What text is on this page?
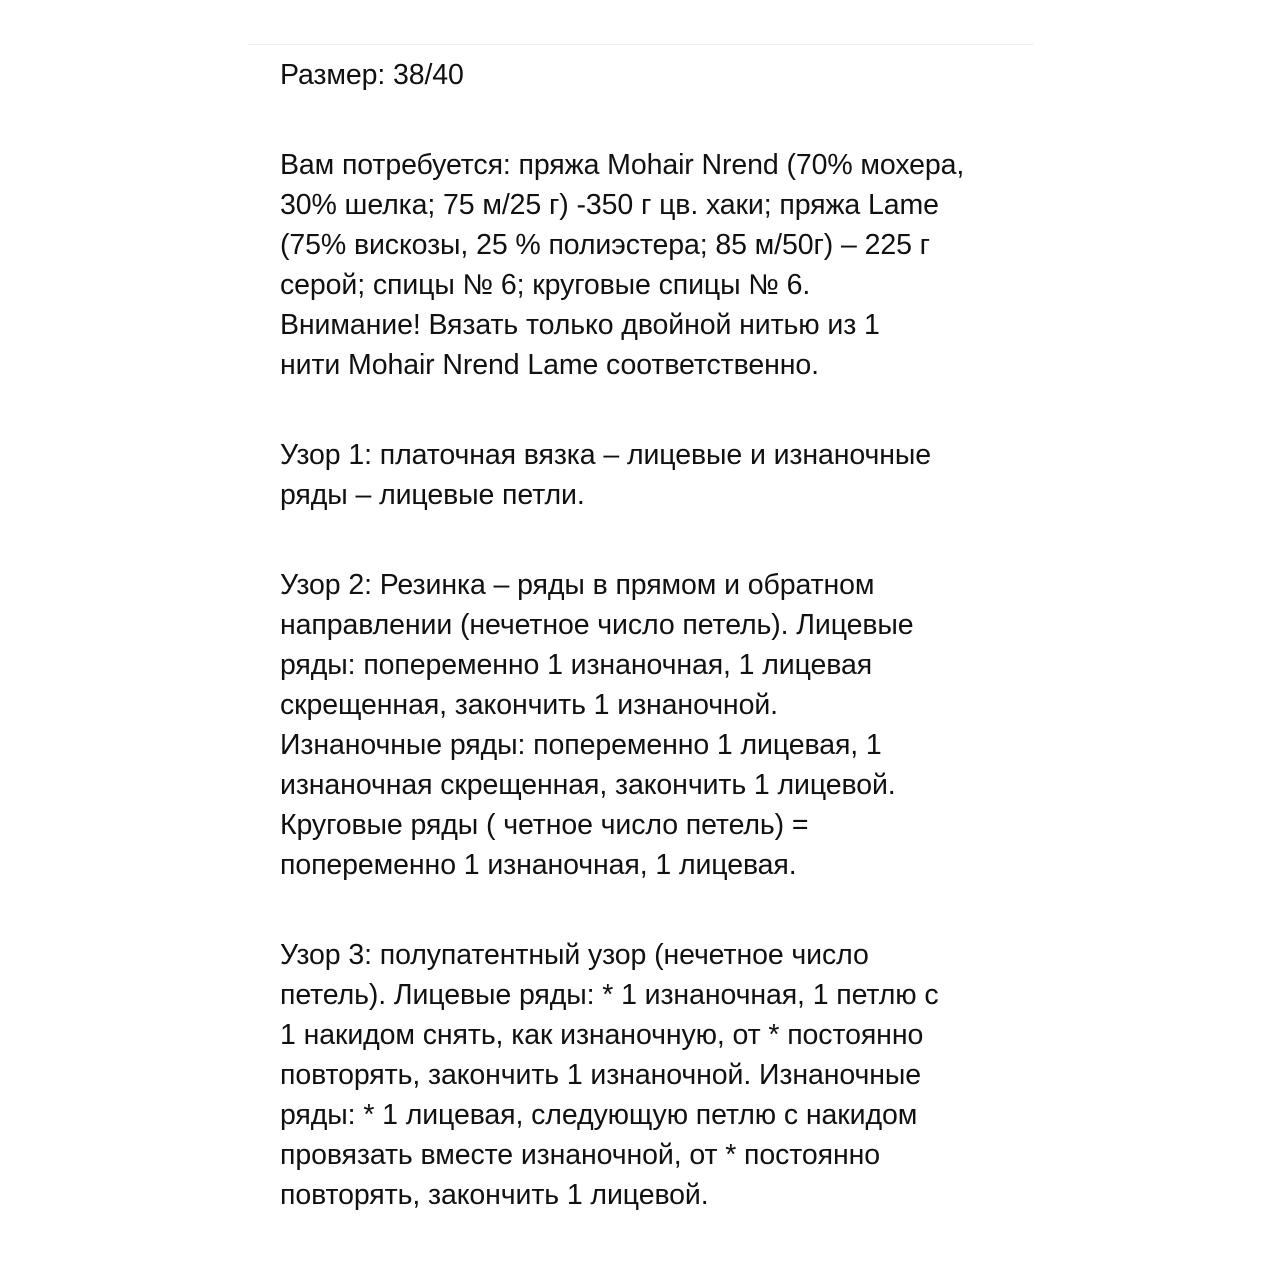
Размер: 38/40
Вам потребуется: пряжа Mohair Nrend (70% мохера,
30% шелка; 75 м/25 г) -350 г цв. хаки; пряжа Lame
(75% вискозы, 25 % полиэстера; 85 м/50г) – 225 г
серой; спицы № 6; круговые спицы № 6.
Внимание! Вязать только двойной нитью из 1
нити Mohair Nrend Lame соответственно.
Узор 1: платочная вязка – лицевые и изнаночные
ряды – лицевые петли.
Узор 2: Резинка – ряды в прямом и обратном
направлении (нечетное число петель). Лицевые
ряды: попеременно 1 изнаночная, 1 лицевая
скрещенная, закончить 1 изнаночной.
Изнаночные ряды: попеременно 1 лицевая, 1
изнаночная скрещенная, закончить 1 лицевой.
Круговые ряды ( четное число петель) =
попеременно 1 изнаночная, 1 лицевая.
Узор 3: полупатентный узор (нечетное число
петель). Лицевые ряды: * 1 изнаночная, 1 петлю с
1 накидом снять, как изнаночную, от * постоянно
повторять, закончить 1 изнаночной. Изнаночные
ряды: * 1 лицевая, следующую петлю с накидом
провязать вместе изнаночной, от * постоянно
повторять, закончить 1 лицевой.
